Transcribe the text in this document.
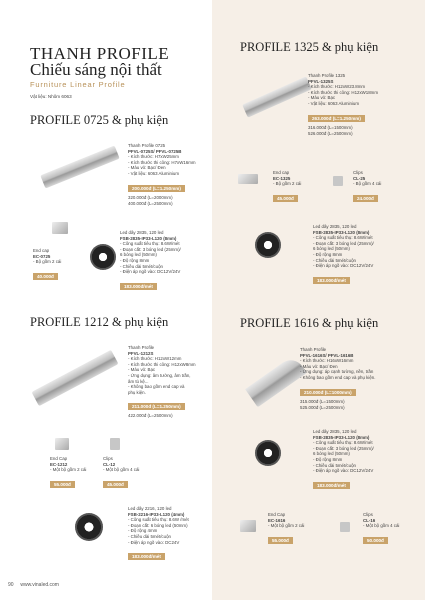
THANH PROFILE
Chiếu sáng nội thất
Furniture Linear Profile
Vật liệu: Nhôm 6063
PROFILE 0725 & phụ kiện
Thanh Profile 0725
PFVL-0725S/ PFVL-0725B
- Kích thước: H7xW25mm
- Kích thước thi công: H7xW16mm
- Màu vỏ: Bạc/ Đen
- Vật liệu: 6063 Aluminium
200.000đ (L=1.250mm)
320.000đ (L=2000mm)
400.000đ (L=2500mm)
End cap
EC-0725
- Bộ gồm 2 cái
40.000đ
Led dây 2835, 120 led
FSB-2835-IP33-L120 (8mm)
- Công suất tiêu thụ: 8.6W/mét
- Đoạn cắt: 3 bóng led (25mm)/
6 bóng led (50mm)
- Độ rộng 8mm
- Chiều dài 5mét/cuộn
- Điện áp ngõ vào: DC12V/24V
183.000đ/mét
PROFILE 1325 & phụ kiện
Thanh Profile 1325
PFVL-1325S
- Kích thước: H12xW23.8mm
- Kích thước thi công: H12xW18mm
- Màu vỏ: Bạc
- Vật liệu: 6063 Aluminium
263.000đ (L=1.250mm)
316.000đ (L=1500mm)
526.000đ (L=2500mm)
End cap
EC-1325
- Bộ gồm 2 cái
45.000đ
Clips
CL-25
- Bộ gồm 4 cái
24.000đ
Led dây 2835, 120 led
FSB-2835-IP33-L120 (8mm)
- Công suất tiêu thụ: 8.6W/mét
- Đoạn cắt: 3 bóng led (25mm)/
6 bóng led (50mm)
- Độ rộng 8mm
- Chiều dài 5mét/cuộn
- Điện áp ngõ vào: DC12V/24V
183.000đ/mét
PROFILE 1212 & phụ kiện
Thanh Profile
PFVL-1212S
- Kích thước: H12xW12mm
- Kích thước thi công: H12xW8mm
- Màu vỏ: Bạc
- Ứng dụng: âm tường, âm trần,
âm tủ kệ...
- Không bao gồm end cap và
phụ kiện.
211.000đ (L=1.250mm)
422.000đ (L=2500mm)
End Cap
EC-1212
- Một bộ gồm 2 cái
55.000đ
Clips
CL-12
- Một bộ gồm 4 cái
45.000đ
Led dây 2216, 120 led
FSB-2216-IP33-L120 (4mm)
- Công suất tiêu thụ: 8.6W /mét
- Đoạn cắt: 6 bóng led (50mm)
- Độ rộng 4mm
- Chiều dài 5mét/cuộn
- Điện áp ngõ vào: DC24V
183.000đ/mét
PROFILE 1616 & phụ kiện
Thanh Profile
PFVL-1616S/ PFVL-1616B
- Kích thước: H16xW16mm
- Màu vỏ: Bạc/ Đen
- Ứng dụng: áp cạnh tường, nền, trần
- Không bao gồm end cap và phụ kiện.
210.000đ (L=1000mm)
315.000đ (L=1500mm)
525.000đ (L=2500mm)
Led dây 2835, 120 led
FSB-2835-IP33-L120 (8mm)
- Công suất tiêu thụ: 8.6W/mét
- Đoạn cắt: 3 bóng led (25mm)/
6 bóng led (50mm)
- Độ rộng 8mm
- Chiều dài 5mét/cuộn
- Điện áp ngõ vào: DC12V/24V
183.000đ/mét
End Cap
EC-1616
- Một bộ gồm 2 cái
55.000đ
Clips
CL-16
- Một bộ gồm 4 cái
50.000đ
90 www.vinaled.com
